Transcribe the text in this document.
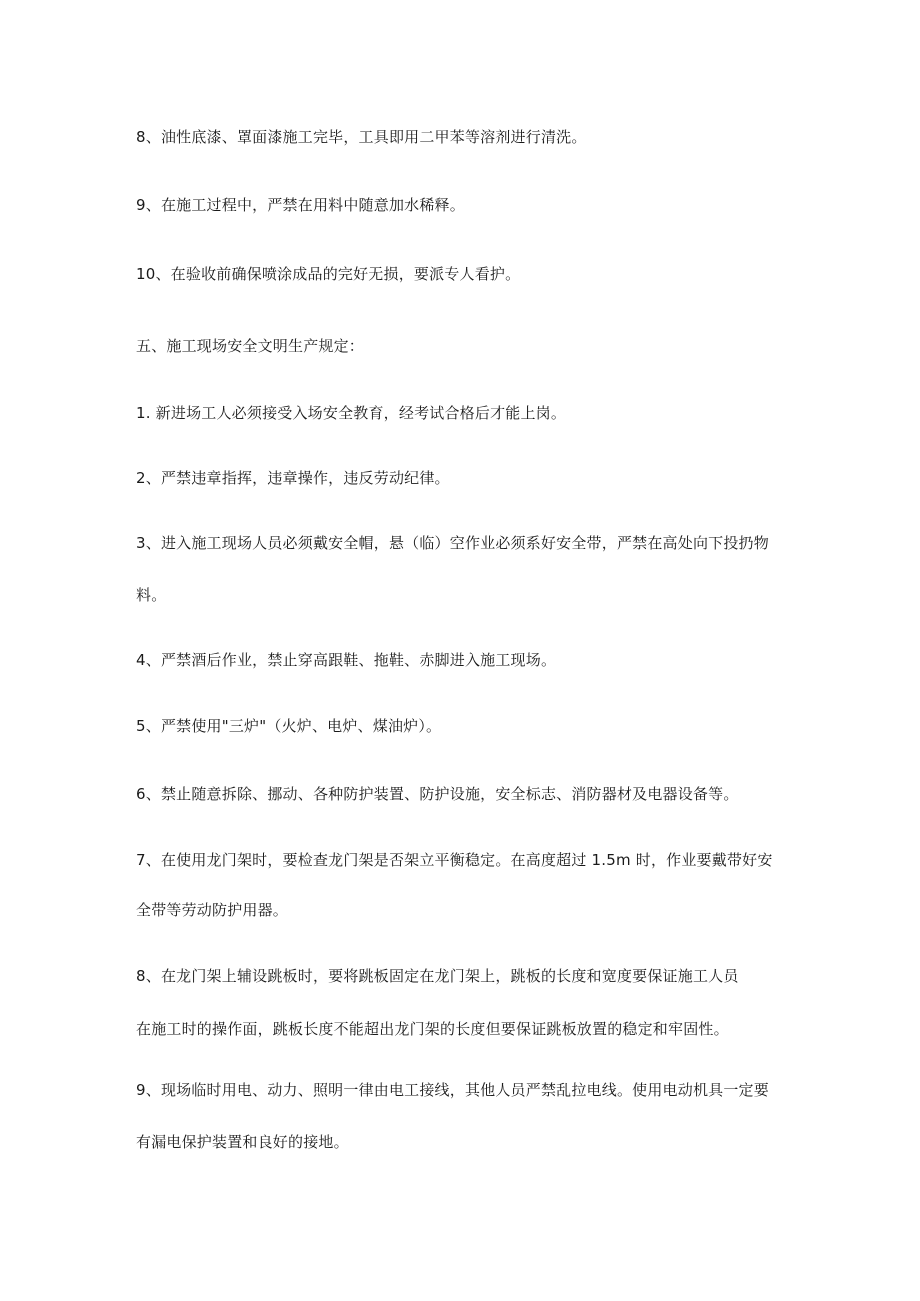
8、油性底漆、罩面漆施工完毕，工具即用二甲苯等溶剂进行清洗。
9、在施工过程中，严禁在用料中随意加水稀释。
10、在验收前确保喷涂成品的完好无损，要派专人看护。
五、施工现场安全文明生产规定：
1. 新进场工人必须接受入场安全教育，经考试合格后才能上岗。
2、严禁违章指挥，违章操作，违反劳动纪律。
3、进入施工现场人员必须戴安全帽，悬（临）空作业必须系好安全带，严禁在高处向下投扔物
料。
4、严禁酒后作业，禁止穿高跟鞋、拖鞋、赤脚进入施工现场。
5、严禁使用"三炉"（火炉、电炉、煤油炉）。
6、禁止随意拆除、挪动、各种防护装置、防护设施，安全标志、消防器材及电器设备等。
7、在使用龙门架时，要检查龙门架是否架立平衡稳定。在高度超过 1.5m 时，作业要戴带好安
全带等劳动防护用器。
8、在龙门架上辅设跳板时，要将跳板固定在龙门架上，跳板的长度和宽度要保证施工人员
在施工时的操作面，跳板长度不能超出龙门架的长度但要保证跳板放置的稳定和牢固性。
9、现场临时用电、动力、照明一律由电工接线，其他人员严禁乱拉电线。使用电动机具一定要
有漏电保护装置和良好的接地。
